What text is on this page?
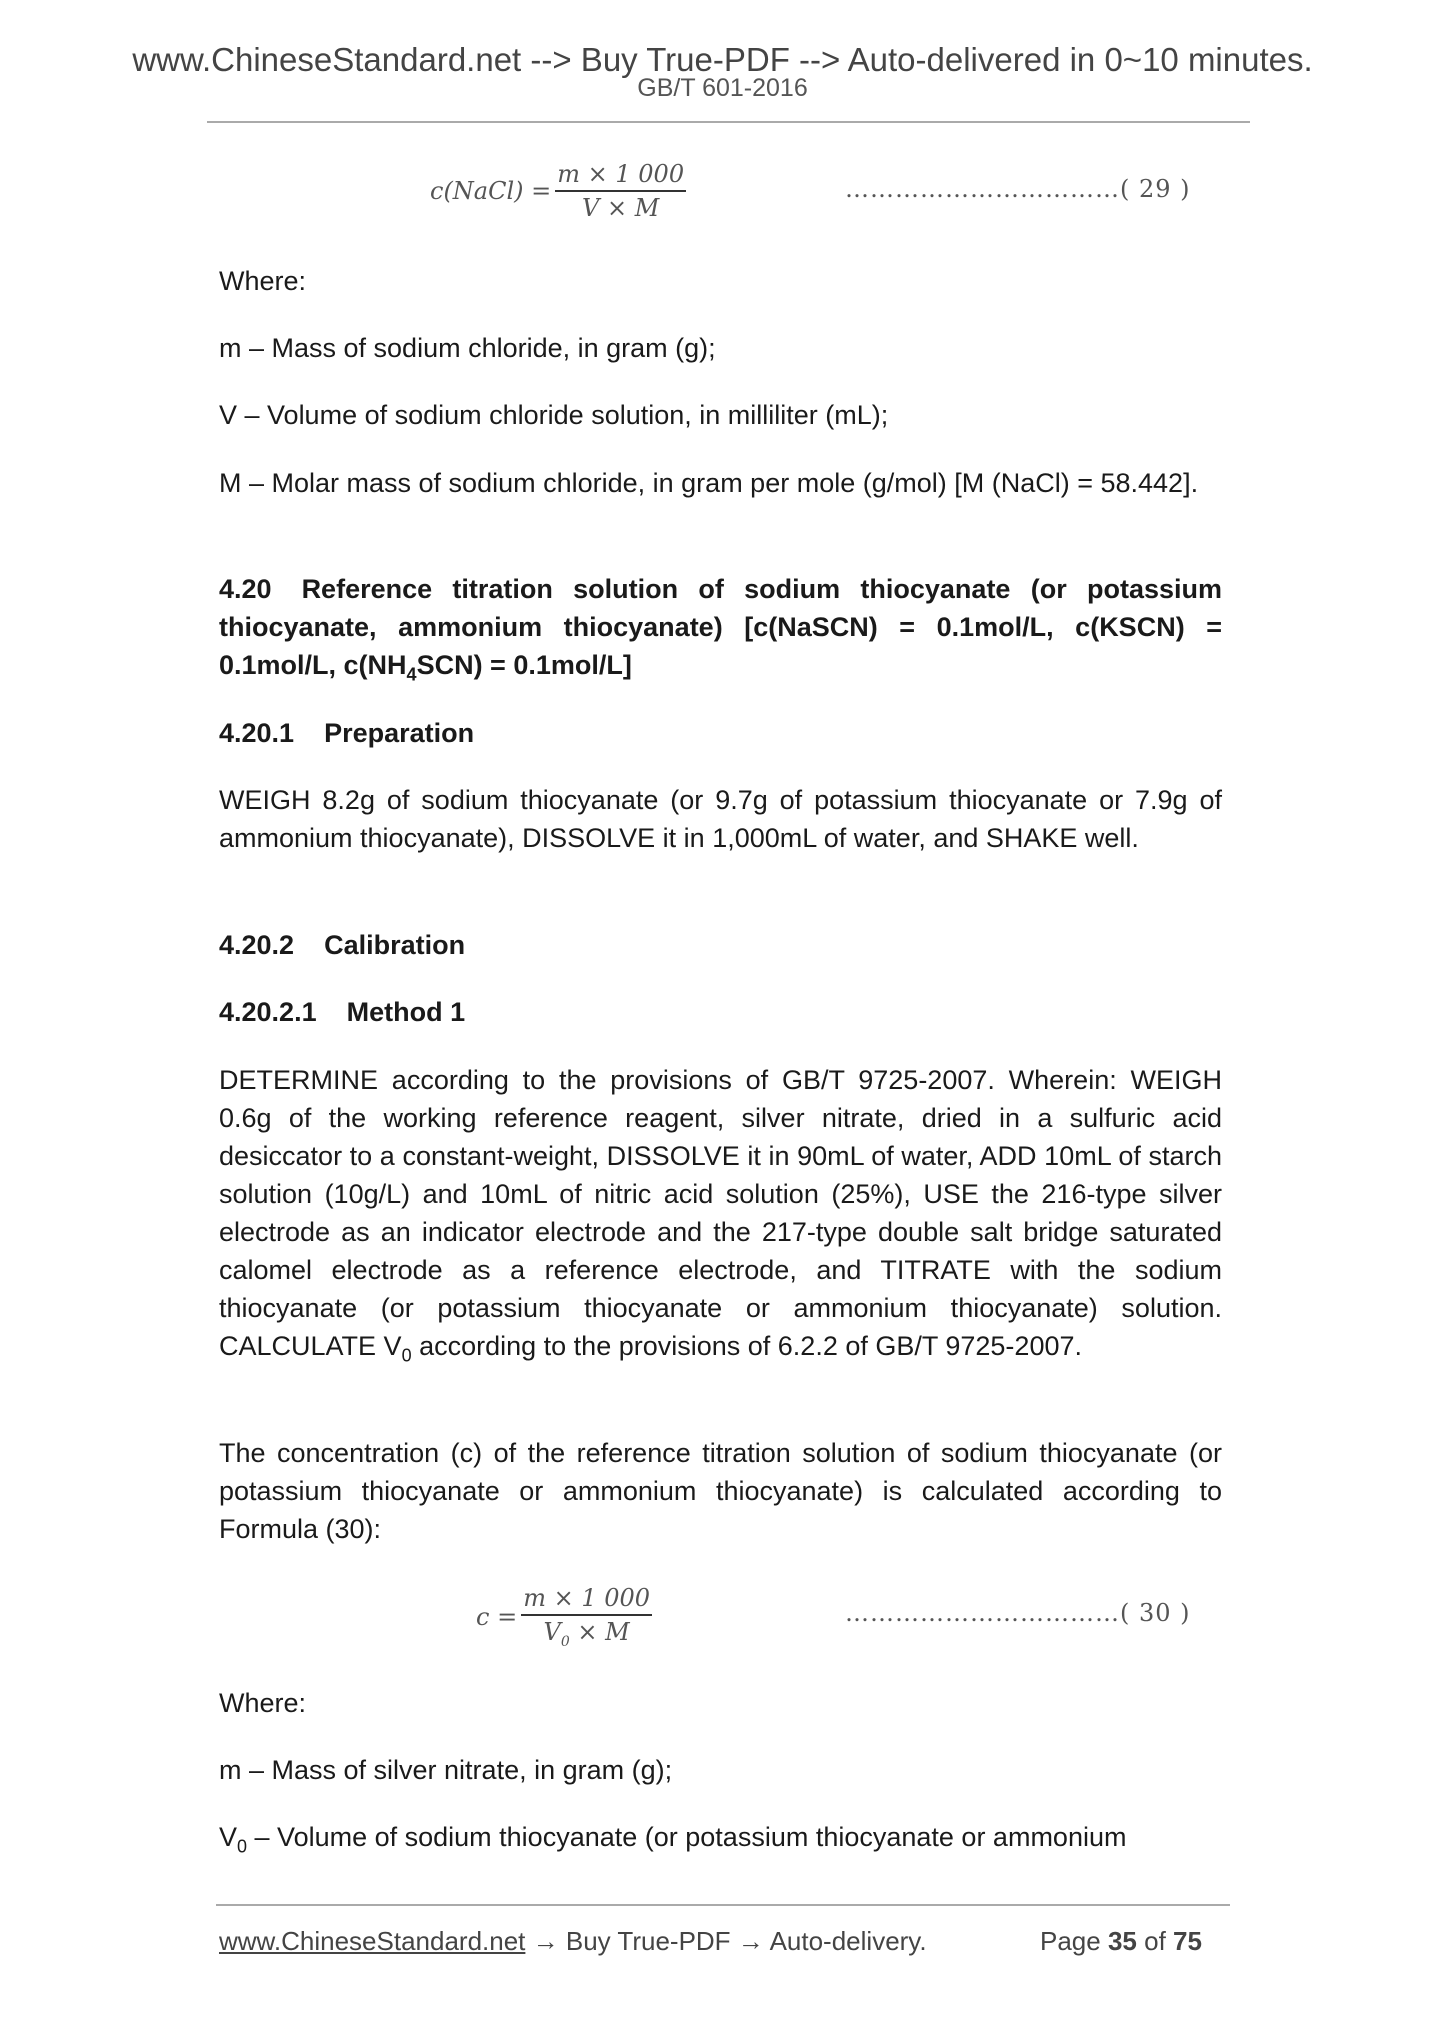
www.ChineseStandard.net --> Buy True-PDF --> Auto-delivered in 0~10 minutes.
GB/T 601-2016
c(NaCl) = $\frac{m \times 1 000}{V \times M}$	……………………………( 29 )
Where:
m – Mass of sodium chloride, in gram (g);
V – Volume of sodium chloride solution, in milliliter (mL);
M – Molar mass of sodium chloride, in gram per mole (g/mol) [M (NaCl) = 58.442].
4.20 Reference titration solution of sodium thiocyanate (or potassium thiocyanate, ammonium thiocyanate) [c(NaSCN) = 0.1mol/L, c(KSCN) = 0.1mol/L, $c(NH_4SCN) = 0.1mol/L$]
4.20.1 Preparation
WEIGH 8.2g of sodium thiocyanate (or 9.7g of potassium thiocyanate or 7.9g of ammonium thiocyanate), DISSOLVE it in 1,000mL of water, and SHAKE well.
4.20.2 Calibration
4.20.2.1 Method 1
DETERMINE according to the provisions of GB/T 9725-2007. Wherein: WEIGH 0.6g of the working reference reagent, silver nitrate, dried in a sulfuric acid desiccator to a constant-weight, DISSOLVE it in 90mL of water, ADD 10mL of starch solution (10g/L) and 10mL of nitric acid solution (25%), USE the 216-type silver electrode as an indicator electrode and the 217-type double salt bridge saturated calomel electrode as a reference electrode, and TITRATE with the sodium thiocyanate (or potassium thiocyanate or ammonium thiocyanate) solution. CALCULATE $V_0$ according to the provisions of 6.2.2 of GB/T 9725-2007.
The concentration (c) of the reference titration solution of sodium thiocyanate (or potassium thiocyanate or ammonium thiocyanate) is calculated according to Formula (30):
$c = \frac{m \times 1 000}{V_0 \times M}$	……………………………( 30 )
Where:
m – Mass of silver nitrate, in gram (g);
$V_0$ – Volume of sodium thiocyanate (or potassium thiocyanate or ammonium
www.ChineseStandard.net → Buy True-PDF → Auto-delivery.	Page 35 of 75
